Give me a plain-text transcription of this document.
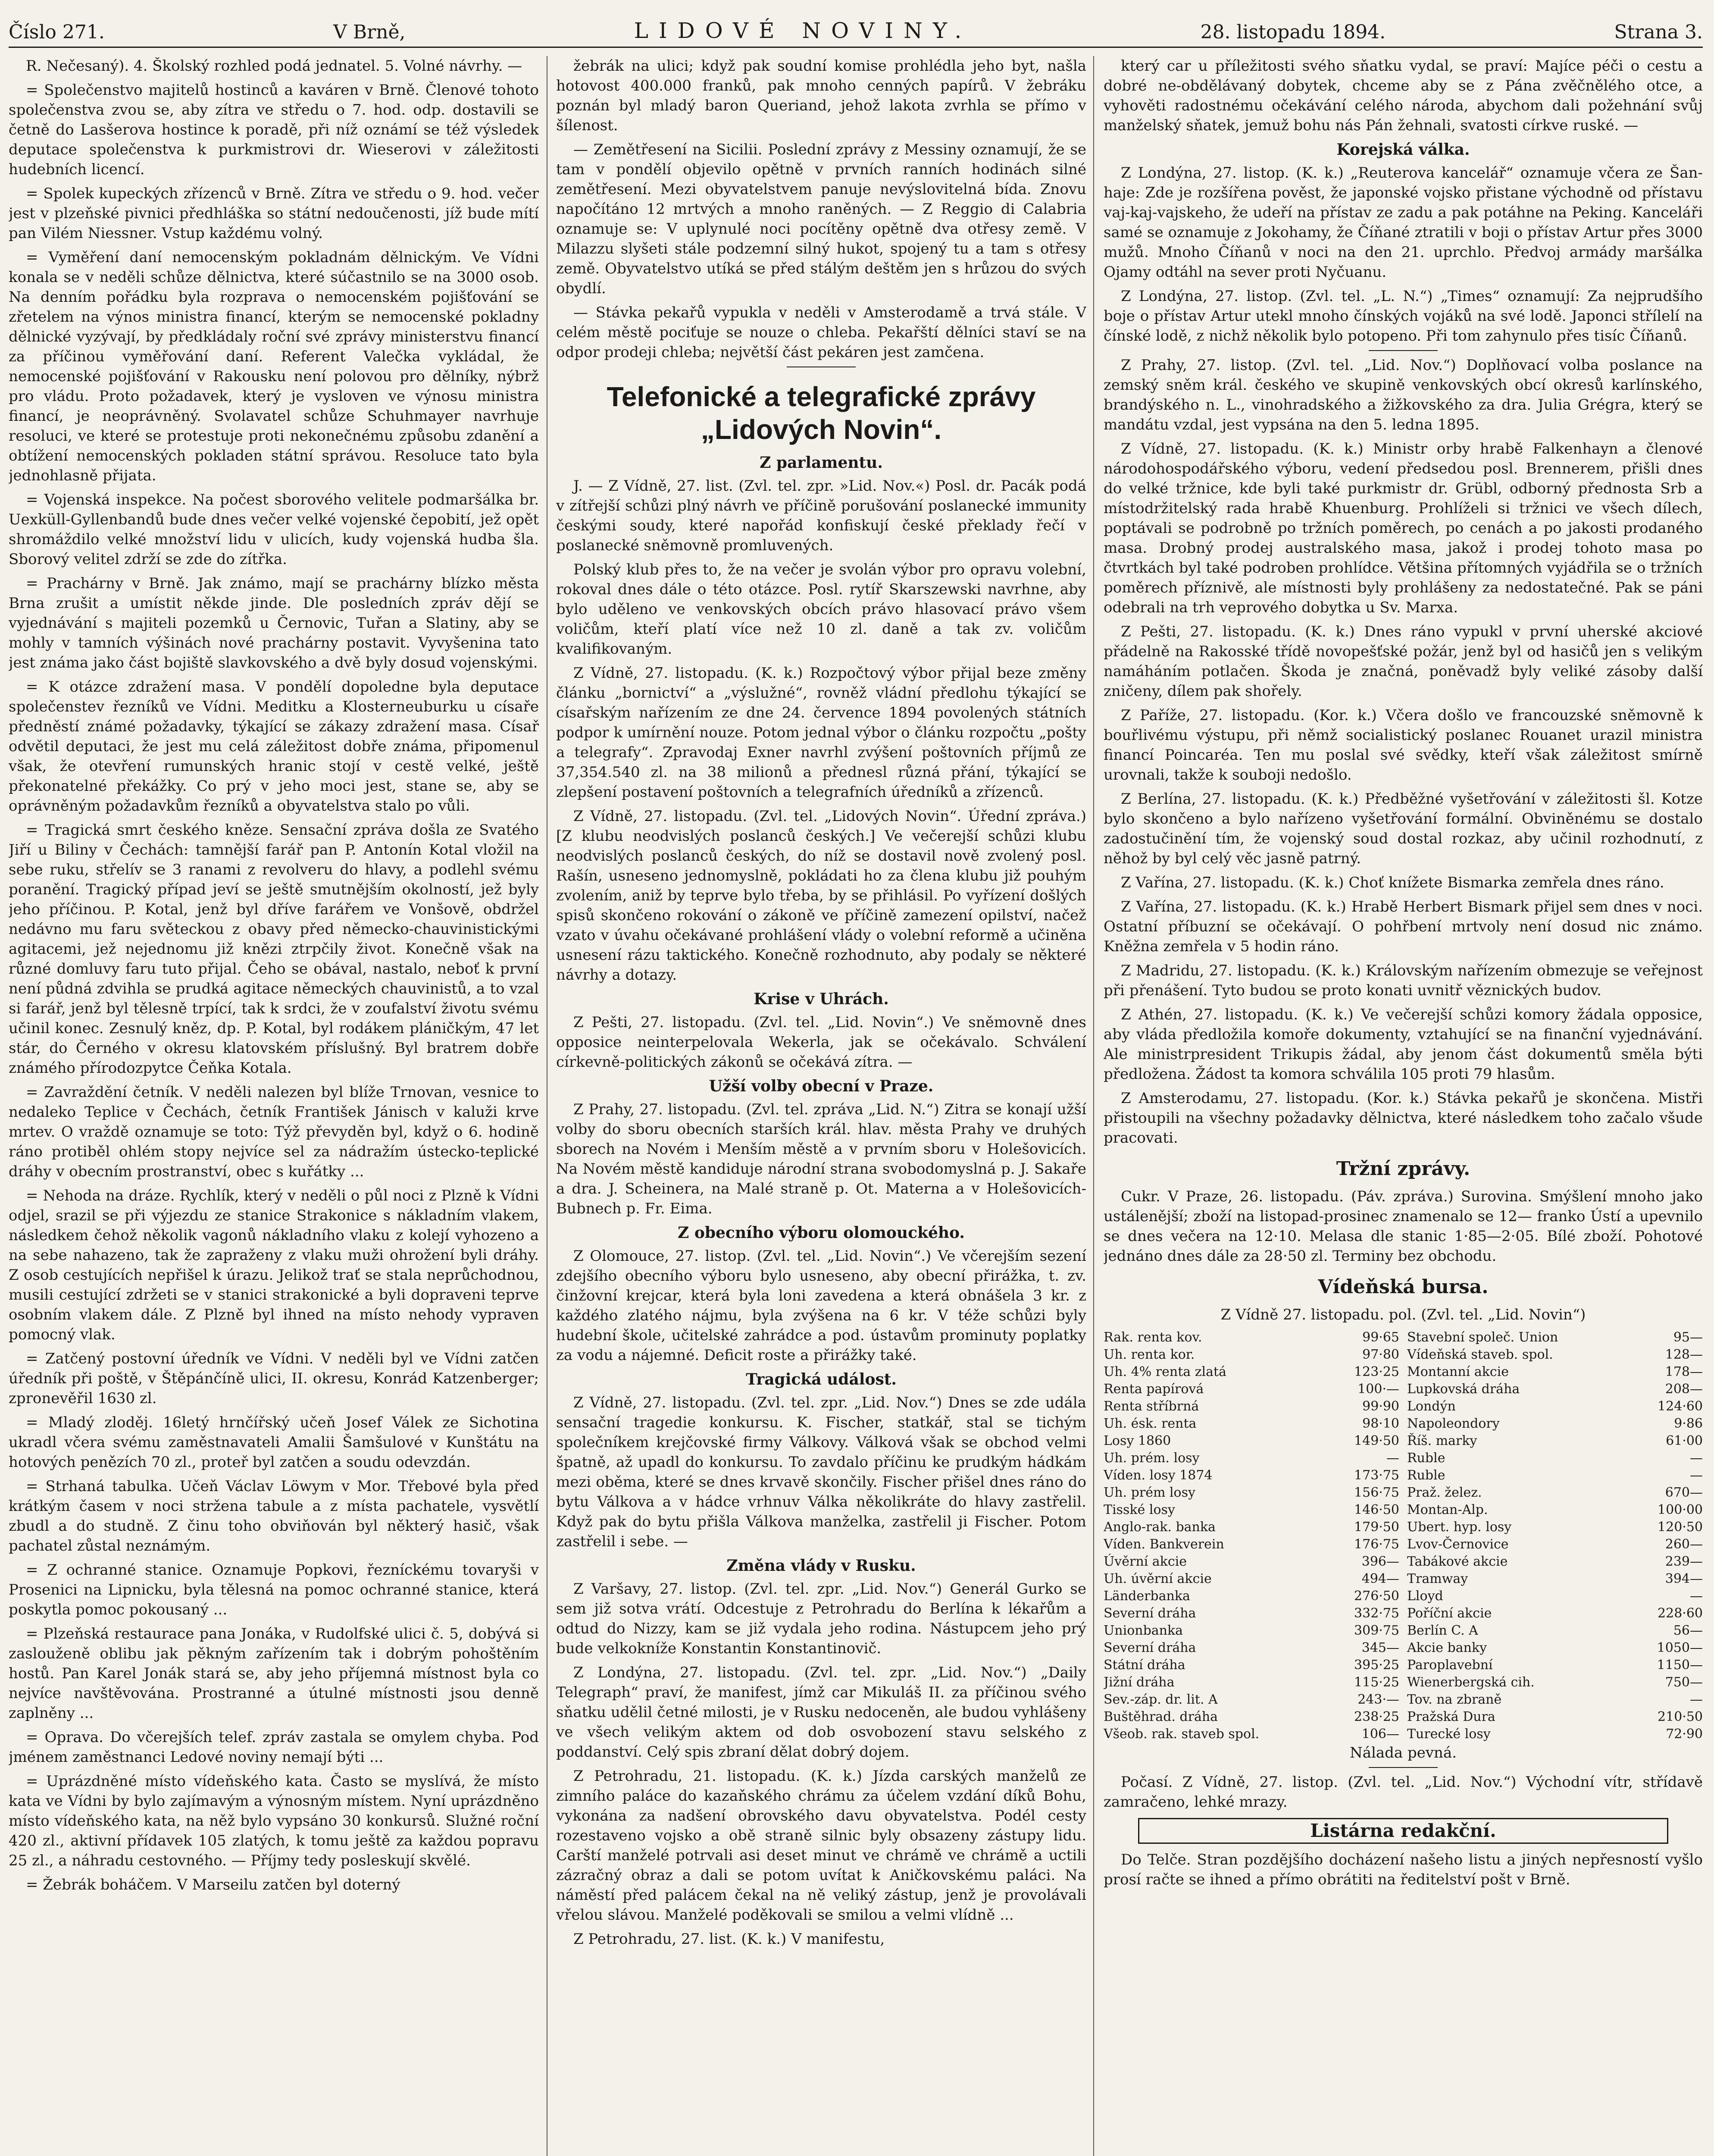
Číslo 271.	V Brně,	LIDOVÉ NOVINY.	28. listopadu 1894.	Strana 3.

R. Nečesaný). 4. Školský rozhled podá jednatel. 5. Volné návrhy. —

= Společenstvo majitelů hostinců a kaváren v Brně. Členové tohoto společenstva zvou se, aby zítra ve středu o 7. hod. odp. dostavili se četně do Lasšerova hostince k poradě, při níž oznámí se též výsledek deputace společenstva k purkmistrovi dr. Wieserovi v záležitosti hudebních licencí.

= Spolek kupeckých zřízenců v Brně. Zítra ve středu o 9. hod. večer jest v plzeňské pivnici předhláška so státní nedoučenosti, jíž bude mítí pan Vilém Niessner. Vstup každému volný.

= Vyměření daní nemocenským pokladnám dělnickým. Ve Vídni konala se v neděli schůze dělnictva, které súčastnilo se na 3000 osob. Na denním pořádku byla rozprava o nemocenském pojišťování se zřetelem na výnos ministra financí, kterým se nemocenské pokladny dělnické vyzývají, by předkládaly roční své zprávy ministerstvu financí za příčinou vyměřování daní. Referent Valečka vykládal, že nemocenské pojišťování v Rakousku není polovou pro dělníky, nýbrž pro vládu. Proto požadavek, který je vysloven ve výnosu ministra financí, je neoprávněný. Svolavatel schůze Schuhmayer navrhuje resoluci, ve které se protestuje proti nekonečnému způsobu zdanění a obtížení nemocenských pokladen státní správou. Resoluce tato byla jednohlasně přijata.

= Vojenská inspekce. Na počest sborového velitele podmaršálka br. Uexküll-Gyllenbandů bude dnes večer velké vojenské čepobití, jež opět shromáždilo velké množství lidu v ulicích, kudy vojenská hudba šla. Sborový velitel zdrží se zde do zítřka.

= Prachárny v Brně. Jak známo, mají se prachárny blízko města Brna zrušit a umístit někde jinde. Dle posledních zpráv dějí se vyjednávání s majiteli pozemků u Černovic, Tuřan a Slatiny, aby se mohly v tamních výšinách nové prachárny postavit. Vyvyšenina tato jest známa jako část bojiště slavkovského a dvě byly dosud vojenskými.

= K otázce zdražení masa. V pondělí dopoledne byla deputace společenstev řezníků ve Vídni. Meditku a Klosterneuburku u císaře předněstí známé požadavky, týkající se zákazy zdražení masa. Císař odvětil deputaci, že jest mu celá záležitost dobře známa, připomenul však, že otevření rumunských hranic stojí v cestě velké, ještě překonatelné překážky. Co prý v jeho moci jest, stane se, aby se oprávněným požadavkům řezníků a obyvatelstva stalo po vůli.

= Tragická smrt českého kněze. Sensační zpráva došla ze Svatého Jiří u Biliny v Čechách: tamnější farář pan P. Antonín Kotal vložil na sebe ruku, střelív se 3 ranami z revolveru do hlavy, a podlehl svému poranění. Tragický případ jeví se ještě smutnějším okolností, jež byly jeho příčinou. P. Kotal, jenž byl dříve farářem ve Vonšově, obdržel nedávno mu faru světeckou z obavy před německo-chauvinistickými agitacemi, jež nejednomu již knězi ztrpčily život. Konečně však na různé domluvy faru tuto přijal. Čeho se obával, nastalo, neboť k první není půdná zdvihla se prudká agitace německých chauvinistů, a to vzal si farář, jenž byl tělesně trpící, tak k srdci, že v zoufalství životu svému učinil konec. Zesnulý kněz, dp. P. Kotal, byl rodákem pláničkým, 47 let stár, do Černého v okresu klatovském příslušný. Byl bratrem dobře známého přírodozpytce Čeňka Kotala.

= Zavraždění četník. V neděli nalezen byl blíže Trnovan, vesnice to nedaleko Teplice v Čechách, četník František Jánisch v kaluži krve mrtev. O vraždě oznamuje se toto: Týž převyděn byl, když o 6. hodině ráno protiběl ohlém stopy nejvíce sel za nádražím ústecko-teplické dráhy v obecním prostranství, obec s kuřátky ...

= Nehoda na dráze. Rychlík, který v neděli o půl noci z Plzně k Vídni odjel, srazil se při výjezdu ze stanice Strakonice s nákladním vlakem, následkem čehož několik vagonů nákladního vlaku z kolejí vyhozeno a na sebe nahazeno, tak že zapraženy z vlaku muži ohrožení byli dráhy. Z osob cestujících nepřišel k úrazu. Jelikož trať se stala neprůchodnou, musili cestující zdržeti se v stanici strakonické a byli dopraveni teprve osobním vlakem dále. Z Plzně byl ihned na místo nehody vypraven pomocný vlak.

= Zatčený postovní úředník ve Vídni. V neděli byl ve Vídni zatčen úředník při poště, v Štěpánčíně ulici, II. okresu, Konrád Katzenberger; zpronevěřil 1630 zl.

= Mladý zloděj. 16letý hrnčířský učeň Josef Válek ze Sichotina ukradl včera svému zaměstnavateli Amalii Šamšulové v Kunštátu na hotových penězích 70 zl., proteř byl zatčen a soudu odevzdán.

= Strhaná tabulka. Učeň Václav Löwym v Mor. Třebové byla před krátkým časem v noci stržena tabule a z místa pachatele, vysvětlí zbudl a do studně. Z činu toho obviňován byl některý hasič, však pachatel zůstal neznámým.

= Z ochranné stanice. Oznamuje Popkovi, řezníckému tovaryši v Prosenici na Lipnicku, byla tělesná na pomoc ochranné stanice, která poskytla pomoc pokousaný ...

= Plzeňská restaurace pana Jonáka, v Rudolfské ulici č. 5, dobývá si zaslouženě oblibu jak pěkným zařízením tak i dobrým pohoštěním hostů. Pan Karel Jonák stará se, aby jeho příjemná místnost byla co nejvíce navštěvována. Prostranné a útulné místnosti jsou denně zaplněny ...

= Oprava. Do včerejších telef. zpráv zastala se omylem chyba. Pod jménem zaměstnanci Ledové noviny nemají býti ...

= Uprázdněné místo vídeňského kata. Často se myslívá, že místo kata ve Vídni by bylo zajímavým a výnosným místem. Nyní uprázdněno místo vídeňského kata, na něž bylo vypsáno 30 konkursů. Služné roční 420 zl., aktivní přídavek 105 zlatých, k tomu ještě za každou popravu 25 zl., a náhradu cestovného. — Příjmy tedy posleskují skvělé.

= Žebrák boháčem. V Marseilu zatčen byl doterný

žebrák na ulici; když pak soudní komise prohlédla jeho byt, našla hotovost 400.000 franků, pak mnoho cenných papírů. V žebráku poznán byl mladý baron Queriand, jehož lakota zvrhla se přímo v šílenost.

— Zemětřesení na Sicilii. Poslední zprávy z Messiny oznamují, že se tam v pondělí objevilo opětně v prvních ranních hodinách silné zemětřesení. Mezi obyvatelstvem panuje nevýslovitelná bída. Znovu napočítáno 12 mrtvých a mnoho raněných. — Z Reggio di Calabria oznamuje se: V uplynulé noci pocítěny opětně dva otřesy země. V Milazzu slyšeti stále podzemní silný hukot, spojený tu a tam s otřesy země. Obyvatelstvo utíká se před stálým deštěm jen s hrůzou do svých obydlí.

— Stávka pekařů vypukla v neděli v Amsterodamě a trvá stále. V celém městě pociťuje se nouze o chleba. Pekařští dělníci staví se na odpor prodeji chleba; největší část pekáren jest zamčena.

Telefonické a telegrafické zprávy „Lidových Novin“.
Z parlamentu.

J. — Z Vídně, 27. list. (Zvl. tel. zpr. »Lid. Nov.«) Posl. dr. Pacák podá v zítřejší schůzi plný návrh ve příčině porušování poslanecké immunity českými soudy, které napořád konfiskují české překlady řečí v poslanecké sněmovně promluvených.

Polský klub přes to, že na večer je svolán výbor pro opravu volební, rokoval dnes dále o této otázce. Posl. rytíř Skarszewski navrhne, aby bylo uděleno ve venkovských obcích právo hlasovací právo všem voličům, kteří platí více než 10 zl. daně a tak zv. voličům kvalifikovaným.

Z Vídně, 27. listopadu. (K. k.) Rozpočtový výbor přijal beze změny článku „bornictví“ a „výslužné“, rovněž vládní předlohu týkající se císařským nařízením ze dne 24. července 1894 povolených státních podpor k umírnění nouze. Potom jednal výbor o článku rozpočtu „pošty a telegrafy“. Zpravodaj Exner navrhl zvýšení poštovních příjmů ze 37,354.540 zl. na 38 milionů a přednesl různá přání, týkající se zlepšení postavení poštovních a telegrafních úředníků a zřízenců.

Z Vídně, 27. listopadu. (Zvl. tel. „Lidových Novin“. Úřední zpráva.) [Z klubu neodvislých poslanců českých.] Ve večerejší schůzi klubu neodvislých poslanců českých, do níž se dostavil nově zvolený posl. Rašín, usneseno jednomyslně, pokládati ho za člena klubu již pouhým zvolením, aniž by teprve bylo třeba, by se přihlásil. Po vyřízení došlých spisů skončeno rokování o zákoně ve příčině zamezení opilství, načež vzato v úvahu očekávané prohlášení vlády o volební reformě a učiněna usnesení rázu taktického. Konečně rozhodnuto, aby podaly se některé návrhy a dotazy.

Krise v Uhrách.

Z Pešti, 27. listopadu. (Zvl. tel. „Lid. Novin“.) Ve sněmovně dnes opposice neinterpelovala Wekerla, jak se očekávalo. Schválení církevně-politických zákonů se očekává zítra. —

Užší volby obecní v Praze.

Z Prahy, 27. listopadu. (Zvl. tel. zpráva „Lid. N.“) Zitra se konají užší volby do sboru obecních starších král. hlav. města Prahy ve druhých sborech na Novém i Menším městě a v prvním sboru v Holešovicích. Na Novém městě kandiduje národní strana svobodomyslná p. J. Sakaře a dra. J. Scheinera, na Malé straně p. Ot. Materna a v Holešovicích-Bubnech p. Fr. Eima.

Z obecního výboru olomouckého.

Z Olomouce, 27. listop. (Zvl. tel. „Lid. Novin“.) Ve včerejším sezení zdejšího obecního výboru bylo usneseno, aby obecní přirážka, t. zv. činžovní krejcar, která byla loni zavedena a která obnášela 3 kr. z každého zlatého nájmu, byla zvýšena na 6 kr. V téže schůzi byly hudební škole, učitelské zahrádce a pod. ústavům prominuty poplatky za vodu a nájemné. Deficit roste a přirážky také.

Tragická událost.

Z Vídně, 27. listopadu. (Zvl. tel. zpr. „Lid. Nov.“) Dnes se zde udála sensační tragedie konkursu. K. Fischer, statkář, stal se tichým společníkem krejčovské firmy Válkovy. Válková však se obchod velmi špatně, až upadl do konkursu. To zavdalo příčinu ke prudkým hádkám mezi oběma, které se dnes krvavě skončily. Fischer přišel dnes ráno do bytu Válkova a v hádce vrhnuv Válka několikráte do hlavy zastřelil. Když pak do bytu přišla Válkova manželka, zastřelil ji Fischer. Potom zastřelil i sebe. —

Změna vlády v Rusku.

Z Varšavy, 27. listop. (Zvl. tel. zpr. „Lid. Nov.“) Generál Gurko se sem již sotva vrátí. Odcestuje z Petrohradu do Berlína k lékařům a odtud do Nizzy, kam se již vydala jeho rodina. Nástupcem jeho prý bude velkokníže Konstantin Konstantinovič.

Z Londýna, 27. listopadu. (Zvl. tel. zpr. „Lid. Nov.“) „Daily Telegraph“ praví, že manifest, jímž car Mikuláš II. za příčinou svého sňatku udělil četné milosti, je v Rusku nedoceněn, ale budou vyhlášeny ve všech velikým aktem od dob osvobození stavu selského z poddanství. Celý spis zbraní dělat dobrý dojem.

Z Petrohradu, 21. listopadu. (K. k.) Jízda carských manželů ze zimního paláce do kazaňského chrámu za účelem vzdání díků Bohu, vykonána za nadšení obrovského davu obyvatelstva. Podél cesty rozestaveno vojsko a obě straně silnic byly obsazeny zástupy lidu. Carští manželé potrvali asi deset minut ve chrámě ve chrámě a uctili zázračný obraz a dali se potom uvítat k Aničkovskému paláci. Na náměstí před palácem čekal na ně veliký zástup, jenž je provolávali vřelou slávou. Manželé poděkovali se smilou a velmi vlídně ...

Z Petrohradu, 27. list. (K. k.) V manifestu,

který car u příležitosti svého sňatku vydal, se praví: Majíce péči o cestu a dobré ne-obdělávaný dobytek, chceme aby se z Pána zvěčnělého otce, a vyhověti radostnému očekávání celého národa, abychom dali požehnání svůj manželský sňatek, jemuž bohu nás Pán žehnali, svatosti církve ruské. —

Korejská válka.

Z Londýna, 27. listop. (K. k.) „Reuterova kancelář“ oznamuje včera ze Šan-haje: Zde je rozšířena pověst, že japonské vojsko přistane východně od přístavu vaj-kaj-vajskeho, že udeří na přístav ze zadu a pak potáhne na Peking. Kanceláři samé se oznamuje z Jokohamy, že Číňané ztratili v boji o přístav Artur přes 3000 mužů. Mnoho Číňanů v noci na den 21. uprchlo. Předvoj armády maršálka Ojamy odtáhl na sever proti Nyčuanu.

Z Londýna, 27. listop. (Zvl. tel. „L. N.“) „Times“ oznamují: Za nejprudšího boje o přístav Artur utekl mnoho čínských vojáků na své lodě. Japonci střílelí na čínské lodě, z nichž několik bylo potopeno. Při tom zahynulo přes tisíc Číňanů.

Z Prahy, 27. listop. (Zvl. tel. „Lid. Nov.“) Doplňovací volba poslance na zemský sněm král. českého ve skupině venkovských obcí okresů karlínského, brandýského n. L., vinohradského a žižkovského za dra. Julia Grégra, který se mandátu vzdal, jest vypsána na den 5. ledna 1895.

Z Vídně, 27. listopadu. (K. k.) Ministr orby hrabě Falkenhayn a členové národohospodářského výboru, vedení předsedou posl. Brennerem, přišli dnes do velké tržnice, kde byli také purkmistr dr. Grübl, odborný přednosta Srb a místodržitelský rada hrabě Khuenburg. Prohlíželi si tržnici ve všech dílech, poptávali se podrobně po tržních poměrech, po cenách a po jakosti prodaného masa. Drobný prodej australského masa, jakož i prodej tohoto masa po čtvrtkách byl také podroben prohlídce. Většina přítomných vyjádřila se o tržních poměrech příznivě, ale místnosti byly prohlášeny za nedostatečné. Pak se páni odebrali na trh veprového dobytka u Sv. Marxa.

Z Pešti, 27. listopadu. (K. k.) Dnes ráno vypukl v první uherské akciové přádelně na Rakosské třídě novopešťské požár, jenž byl od hasičů jen s velikým namáháním potlačen. Škoda je značná, poněvadž byly veliké zásoby další zničeny, dílem pak shořely.

Z Paříže, 27. listopadu. (Kor. k.) Včera došlo ve francouzské sněmovně k bouřlivému výstupu, při němž socialistický poslanec Rouanet urazil ministra financí Poincaréa. Ten mu poslal své svědky, kteří však záležitost smírně urovnali, takže k souboji nedošlo.

Z Berlína, 27. listopadu. (K. k.) Předběžné vyšetřování v záležitosti šl. Kotze bylo skončeno a bylo nařízeno vyšetřování formální. Obviněnému se dostalo zadostučinění tím, že vojenský soud dostal rozkaz, aby učinil rozhodnutí, z něhož by byl celý věc jasně patrný.

Z Vařína, 27. listopadu. (K. k.) Choť knížete Bismarka zemřela dnes ráno.

Z Vařína, 27. listopadu. (K. k.) Hrabě Herbert Bismark přijel sem dnes v noci. Ostatní příbuzní se očekávají. O pohřbení mrtvoly není dosud nic známo. Kněžna zemřela v 5 hodin ráno.

Z Madridu, 27. listopadu. (K. k.) Královským nařízením obmezuje se veřejnost při přenášení. Tyto budou se proto konati uvnitř věznických budov.

Z Athén, 27. listopadu. (K. k.) Ve večerejší schůzi komory žádala opposice, aby vláda předložila komoře dokumenty, vztahující se na finanční vyjednávání. Ale ministrpresident Trikupis žádal, aby jenom část dokumentů směla býti předložena. Žádost ta komora schválila 105 proti 79 hlasům.

Z Amsterodamu, 27. listopadu. (Kor. k.) Stávka pekařů je skončena. Mistři přistoupili na všechny požadavky dělnictva, které následkem toho začalo všude pracovati.

Tržní zprávy.

Cukr. V Praze, 26. listopadu. (Páv. zpráva.) Surovina. Smýšlení mnoho jako ustálenější; zboží na listopad-prosinec znamenalo se 12— franko Ústí a upevnilo se dnes večera na 12·10. Melasa dle stanic 1·85—2·05. Bílé zboží. Pohotové jednáno dnes dále za 28·50 zl. Terminy bez obchodu.

Vídeňská bursa.

Z Vídně 27. listopadu. pol. (Zvl. tel. „Lid. Novin“)

Rak. renta kov.	99·65 Stavební společ. Union	95—
Uh. renta kor.	97·80 Vídeňská staveb. spol.	128—
Uh. 4% renta zlatá	123·25 Montanní akcie	178—
Renta papírová	100·— Lupkovská dráha	208—
Renta stříbrná	99·90 Londýn	124·60
Uh. ésk. renta	98·10 Napoleondory	9·86
Losy 1860	149·50 Říš. marky	61·00
Uh. prém. losy	— Ruble	—
Víden. losy 1874	173·75 Ruble	—
Uh. prém losy	156·75 Praž. želez.	670—
Tisské losy	146·50 Montan-Alp.	100·00
Anglo-rak. banka	179·50 Ubert. hyp. losy	120·50
Víden. Bankverein	176·75 Lvov-Černovice	260—
Úvěrní akcie	396— Tabákové akcie	239—
Uh. úvěrní akcie	494— Tramway	394—
Länderbanka	276·50 Lloyd	—
Severní dráha	332·75 Poříční akcie	228·60
Unionbanka	309·75 Berlín C. A	56—
Severní dráha	345— Akcie banky	1050—
Státní dráha	395·25 Paroplavební	1150—
Jižní dráha	115·25 Wienerbergská cih.	750—
Sev.-záp. dr. lit. A	243·— Tov. na zbraně	—
Buštěhrad. dráha	238·25 Pražská Dura	210·50
Všeob. rak. staveb spol.	106— Turecké losy	72·90

Nálada pevná.

Počasí. Z Vídně, 27. listop. (Zvl. tel. „Lid. Nov.“) Východní vítr, střídavě zamračeno, lehké mrazy.

Listárna redakční.

Do Telče. Stran pozdějšího docházení našeho listu a jiných nepřesností vyšlo prosí račte se ihned a přímo obrátiti na ředitelství pošt v Brně.
